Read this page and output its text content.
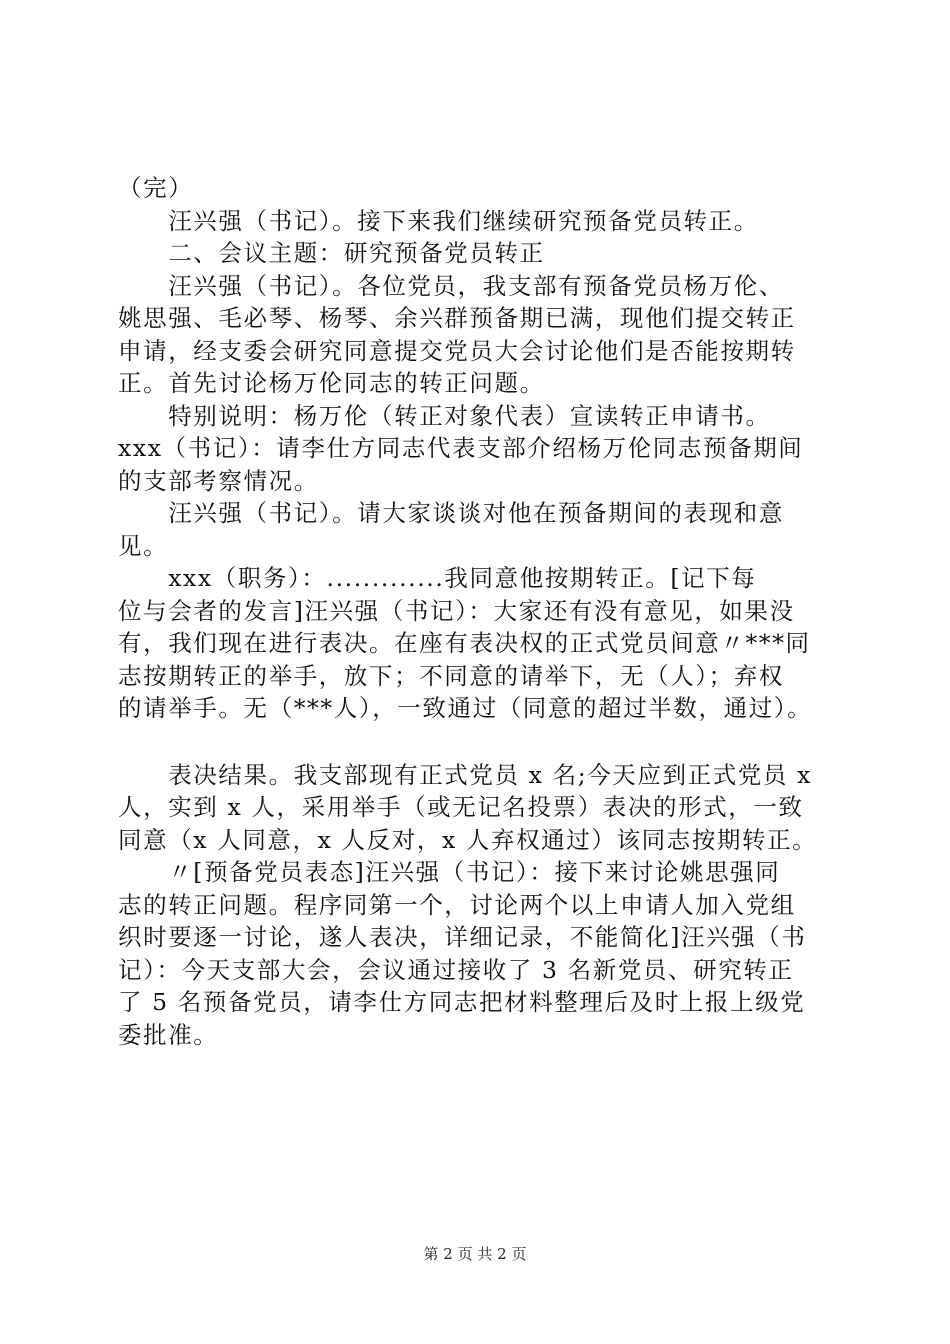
（完）
　　汪兴强（书记）。接下来我们继续研究预备党员转正。
　　二、会议主题：研究预备党员转正
　　汪兴强（书记）。各位党员，我支部有预备党员杨万伦、
姚思强、毛必琴、杨琴、余兴群预备期已满，现他们提交转正
申请，经支委会研究同意提交党员大会讨论他们是否能按期转
正。首先讨论杨万伦同志的转正问题。
　　特别说明：杨万伦（转正对象代表）宣读转正申请书。
xxx（书记）：请李仕方同志代表支部介绍杨万伦同志预备期间
的支部考察情况。
　　汪兴强（书记）。请大家谈谈对他在预备期间的表现和意
见。
　　xxx（职务）：.............我同意他按期转正。[记下每
位与会者的发言]汪兴强（书记）：大家还有没有意见，如果没
有，我们现在进行表决。在座有表决权的正式党员间意〃***同
志按期转正的举手，放下；不同意的请举下，无（人）；弃权
的请举手。无（***人），一致通过（同意的超过半数，通过）。
　　表决结果。我支部现有正式党员 x 名;今天应到正式党员 x
人，实到 x 人，采用举手（或无记名投票）表决的形式，一致
同意（x 人同意，x 人反对，x 人弃权通过）该同志按期转正。
　　〃[预备党员表态]汪兴强（书记）：接下来讨论姚思强同
志的转正问题。程序同第一个，讨论两个以上申请人加入党组
织时要逐一讨论，遂人表决，详细记录，不能简化]汪兴强（书
记）：今天支部大会，会议通过接收了 3 名新党员、研究转正
了 5 名预备党员，请李仕方同志把材料整理后及时上报上级党
委批准。
第 2 页 共 2 页
